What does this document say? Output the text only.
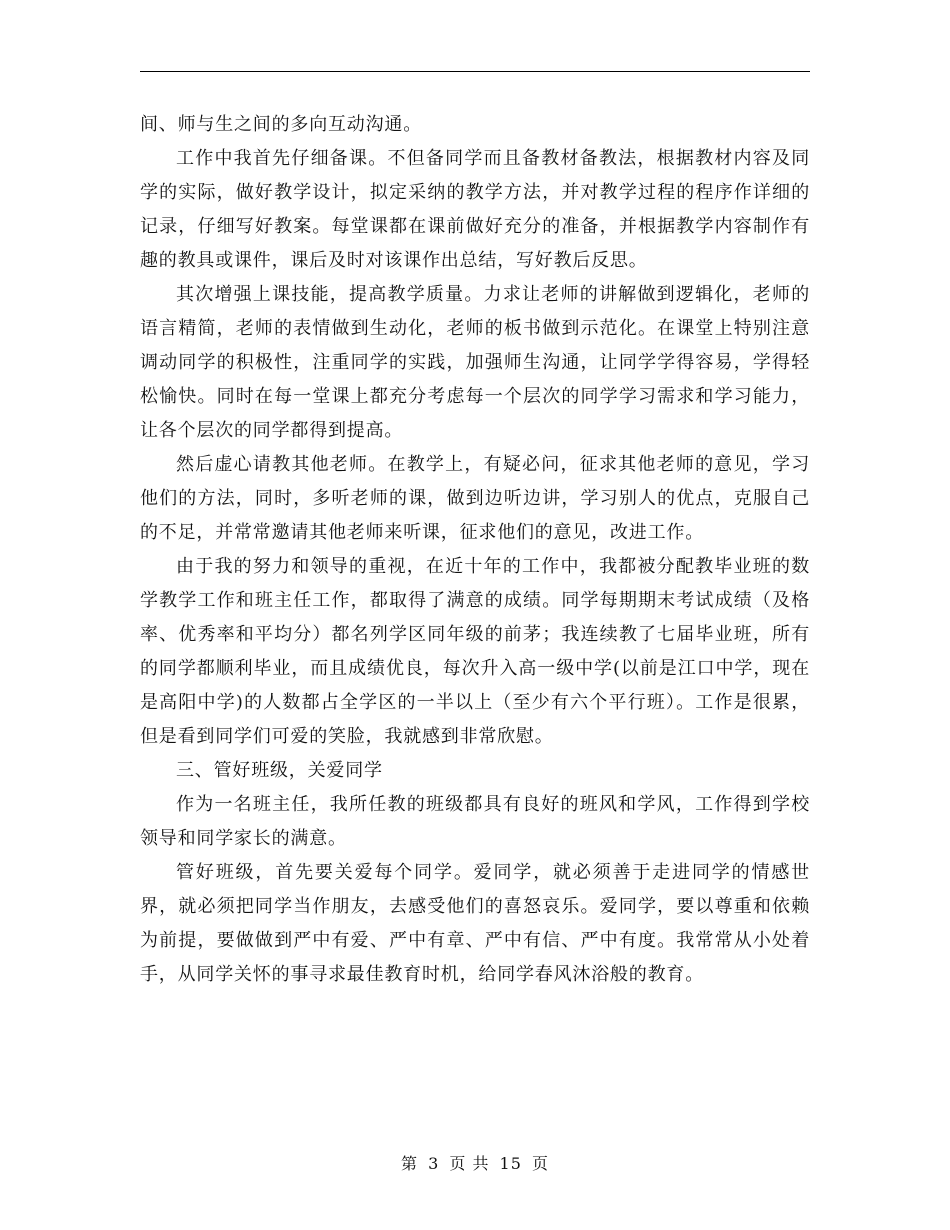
间、师与生之间的多向互动沟通。

工作中我首先仔细备课。不但备同学而且备教材备教法，根据教材内容及同学的实际，做好教学设计，拟定采纳的教学方法，并对教学过程的程序作详细的记录，仔细写好教案。每堂课都在课前做好充分的准备，并根据教学内容制作有趣的教具或课件，课后及时对该课作出总结，写好教后反思。

其次增强上课技能，提高教学质量。力求让老师的讲解做到逻辑化，老师的语言精简，老师的表情做到生动化，老师的板书做到示范化。在课堂上特别注意调动同学的积极性，注重同学的实践，加强师生沟通，让同学学得容易，学得轻松愉快。同时在每一堂课上都充分考虑每一个层次的同学学习需求和学习能力，让各个层次的同学都得到提高。

然后虚心请教其他老师。在教学上，有疑必问，征求其他老师的意见，学习他们的方法，同时，多听老师的课，做到边听边讲，学习别人的优点，克服自己的不足，并常常邀请其他老师来听课，征求他们的意见，改进工作。

由于我的努力和领导的重视，在近十年的工作中，我都被分配教毕业班的数学教学工作和班主任工作，都取得了满意的成绩。同学每期期末考试成绩（及格率、优秀率和平均分）都名列学区同年级的前茅；我连续教了七届毕业班，所有的同学都顺利毕业，而且成绩优良，每次升入高一级中学(以前是江口中学，现在是高阳中学)的人数都占全学区的一半以上（至少有六个平行班）。工作是很累，但是看到同学们可爱的笑脸，我就感到非常欣慰。

三、管好班级，关爱同学

作为一名班主任，我所任教的班级都具有良好的班风和学风，工作得到学校领导和同学家长的满意。

管好班级，首先要关爱每个同学。爱同学，就必须善于走进同学的情感世界，就必须把同学当作朋友，去感受他们的喜怒哀乐。爱同学，要以尊重和依赖为前提，要做做到严中有爱、严中有章、严中有信、严中有度。我常常从小处着手，从同学关怀的事寻求最佳教育时机，给同学春风沐浴般的教育。

第 3 页 共 15 页
